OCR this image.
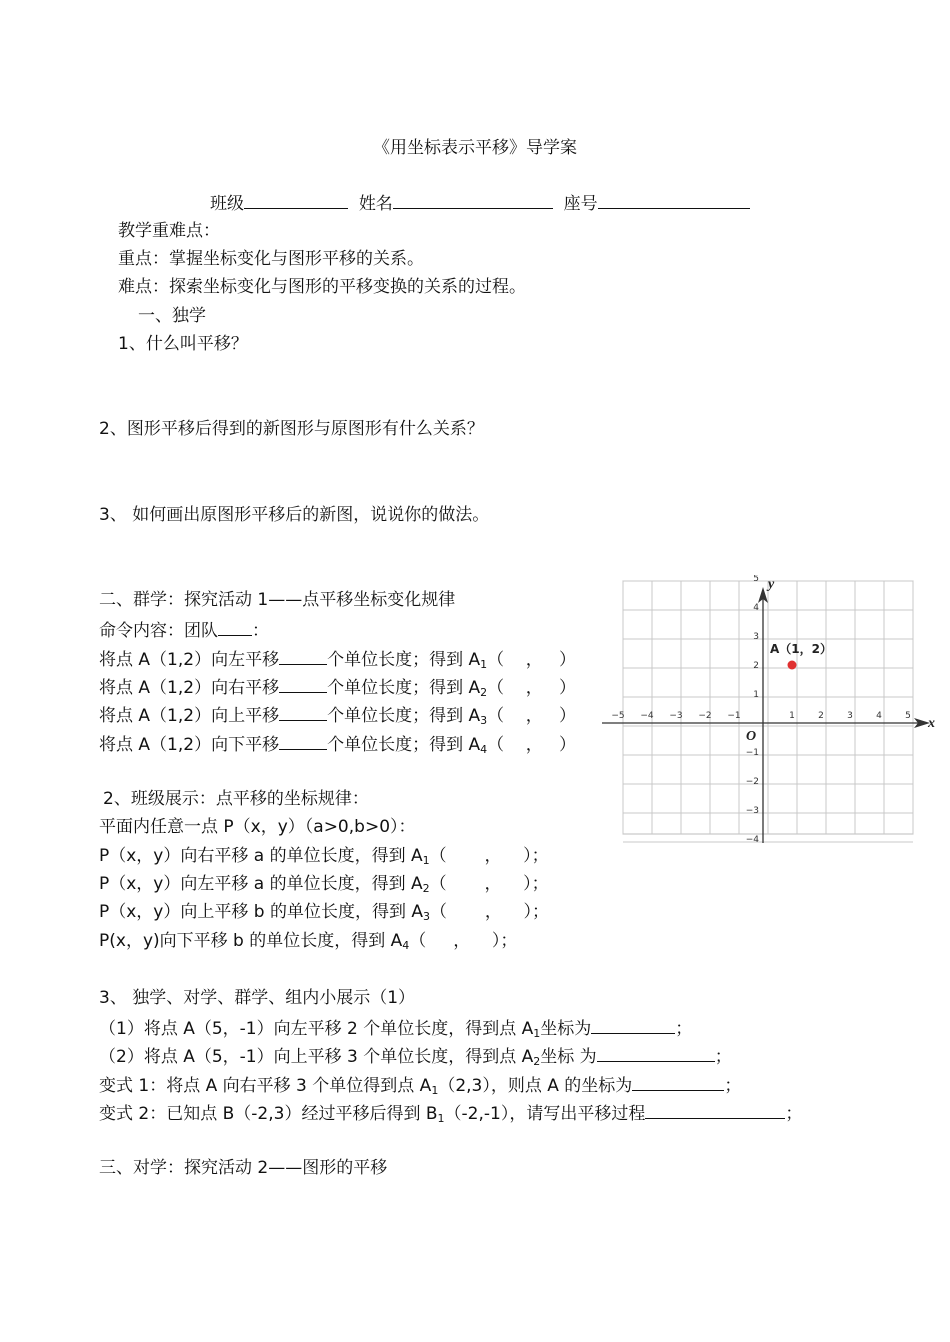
《用坐标表示平移》导学案
班级	姓名	座号
教学重难点：
重点：掌握坐标变化与图形平移的关系。
难点：探索坐标变化与图形的平移变换的关系的过程。
一、独学
1、什么叫平移？
2、图形平移后得到的新图形与原图形有什么关系？
3、 如何画出原图形平移后的新图，说说你的做法。
二、群学：探究活动 1——点平移坐标变化规律
命令内容：团队 ：
将点 A（1,2）向左平移	个单位长度；得到 $A_1$（    ，   ）
将点 A（1,2）向右平移	个单位长度；得到 $A_2$（    ，   ）
将点 A（1,2）向上平移	个单位长度；得到 $A_3$（    ，   ）
将点 A（1,2）向下平移	个单位长度；得到 $A_4$（    ，   ）
2、班级展示：点平移的坐标规律：
平面内任意一点 P（x，y）（a>0,b>0）：
P（x，y）向右平移 a 的单位长度，得到 $A_1$（       ，    ）；
P（x，y）向左平移 a 的单位长度，得到 $A_2$（       ，    ）；
P（x，y）向上平移 b 的单位长度，得到 $A_3$（       ，    ）；
P(x，y)向下平移 b 的单位长度，得到 $A_4$（     ，    ）；
3、 独学、对学、群学、组内小展示（1）
（1）将点 A（5，-1）向左平移 2 个单位长度，得到点 $A_1$坐标为	；
（2）将点 A（5，-1）向上平移 3 个单位长度，得到点 $A_2$坐标 为	；
变式 1：将点 A 向右平移 3 个单位得到点 $A_1(2,3)$，则点 A 的坐标为	；
变式 2：已知点 B（-2,3）经过平移后得到 $B_1(-2,-1)$，请写出平移过程	；
三、对学：探究活动 2——图形的平移
x
y
O
−5 −4 −3 −2 −1	1	2	3	4	5
−4
−3
−2
−1
1
2
3
4
5
A（1，2）
